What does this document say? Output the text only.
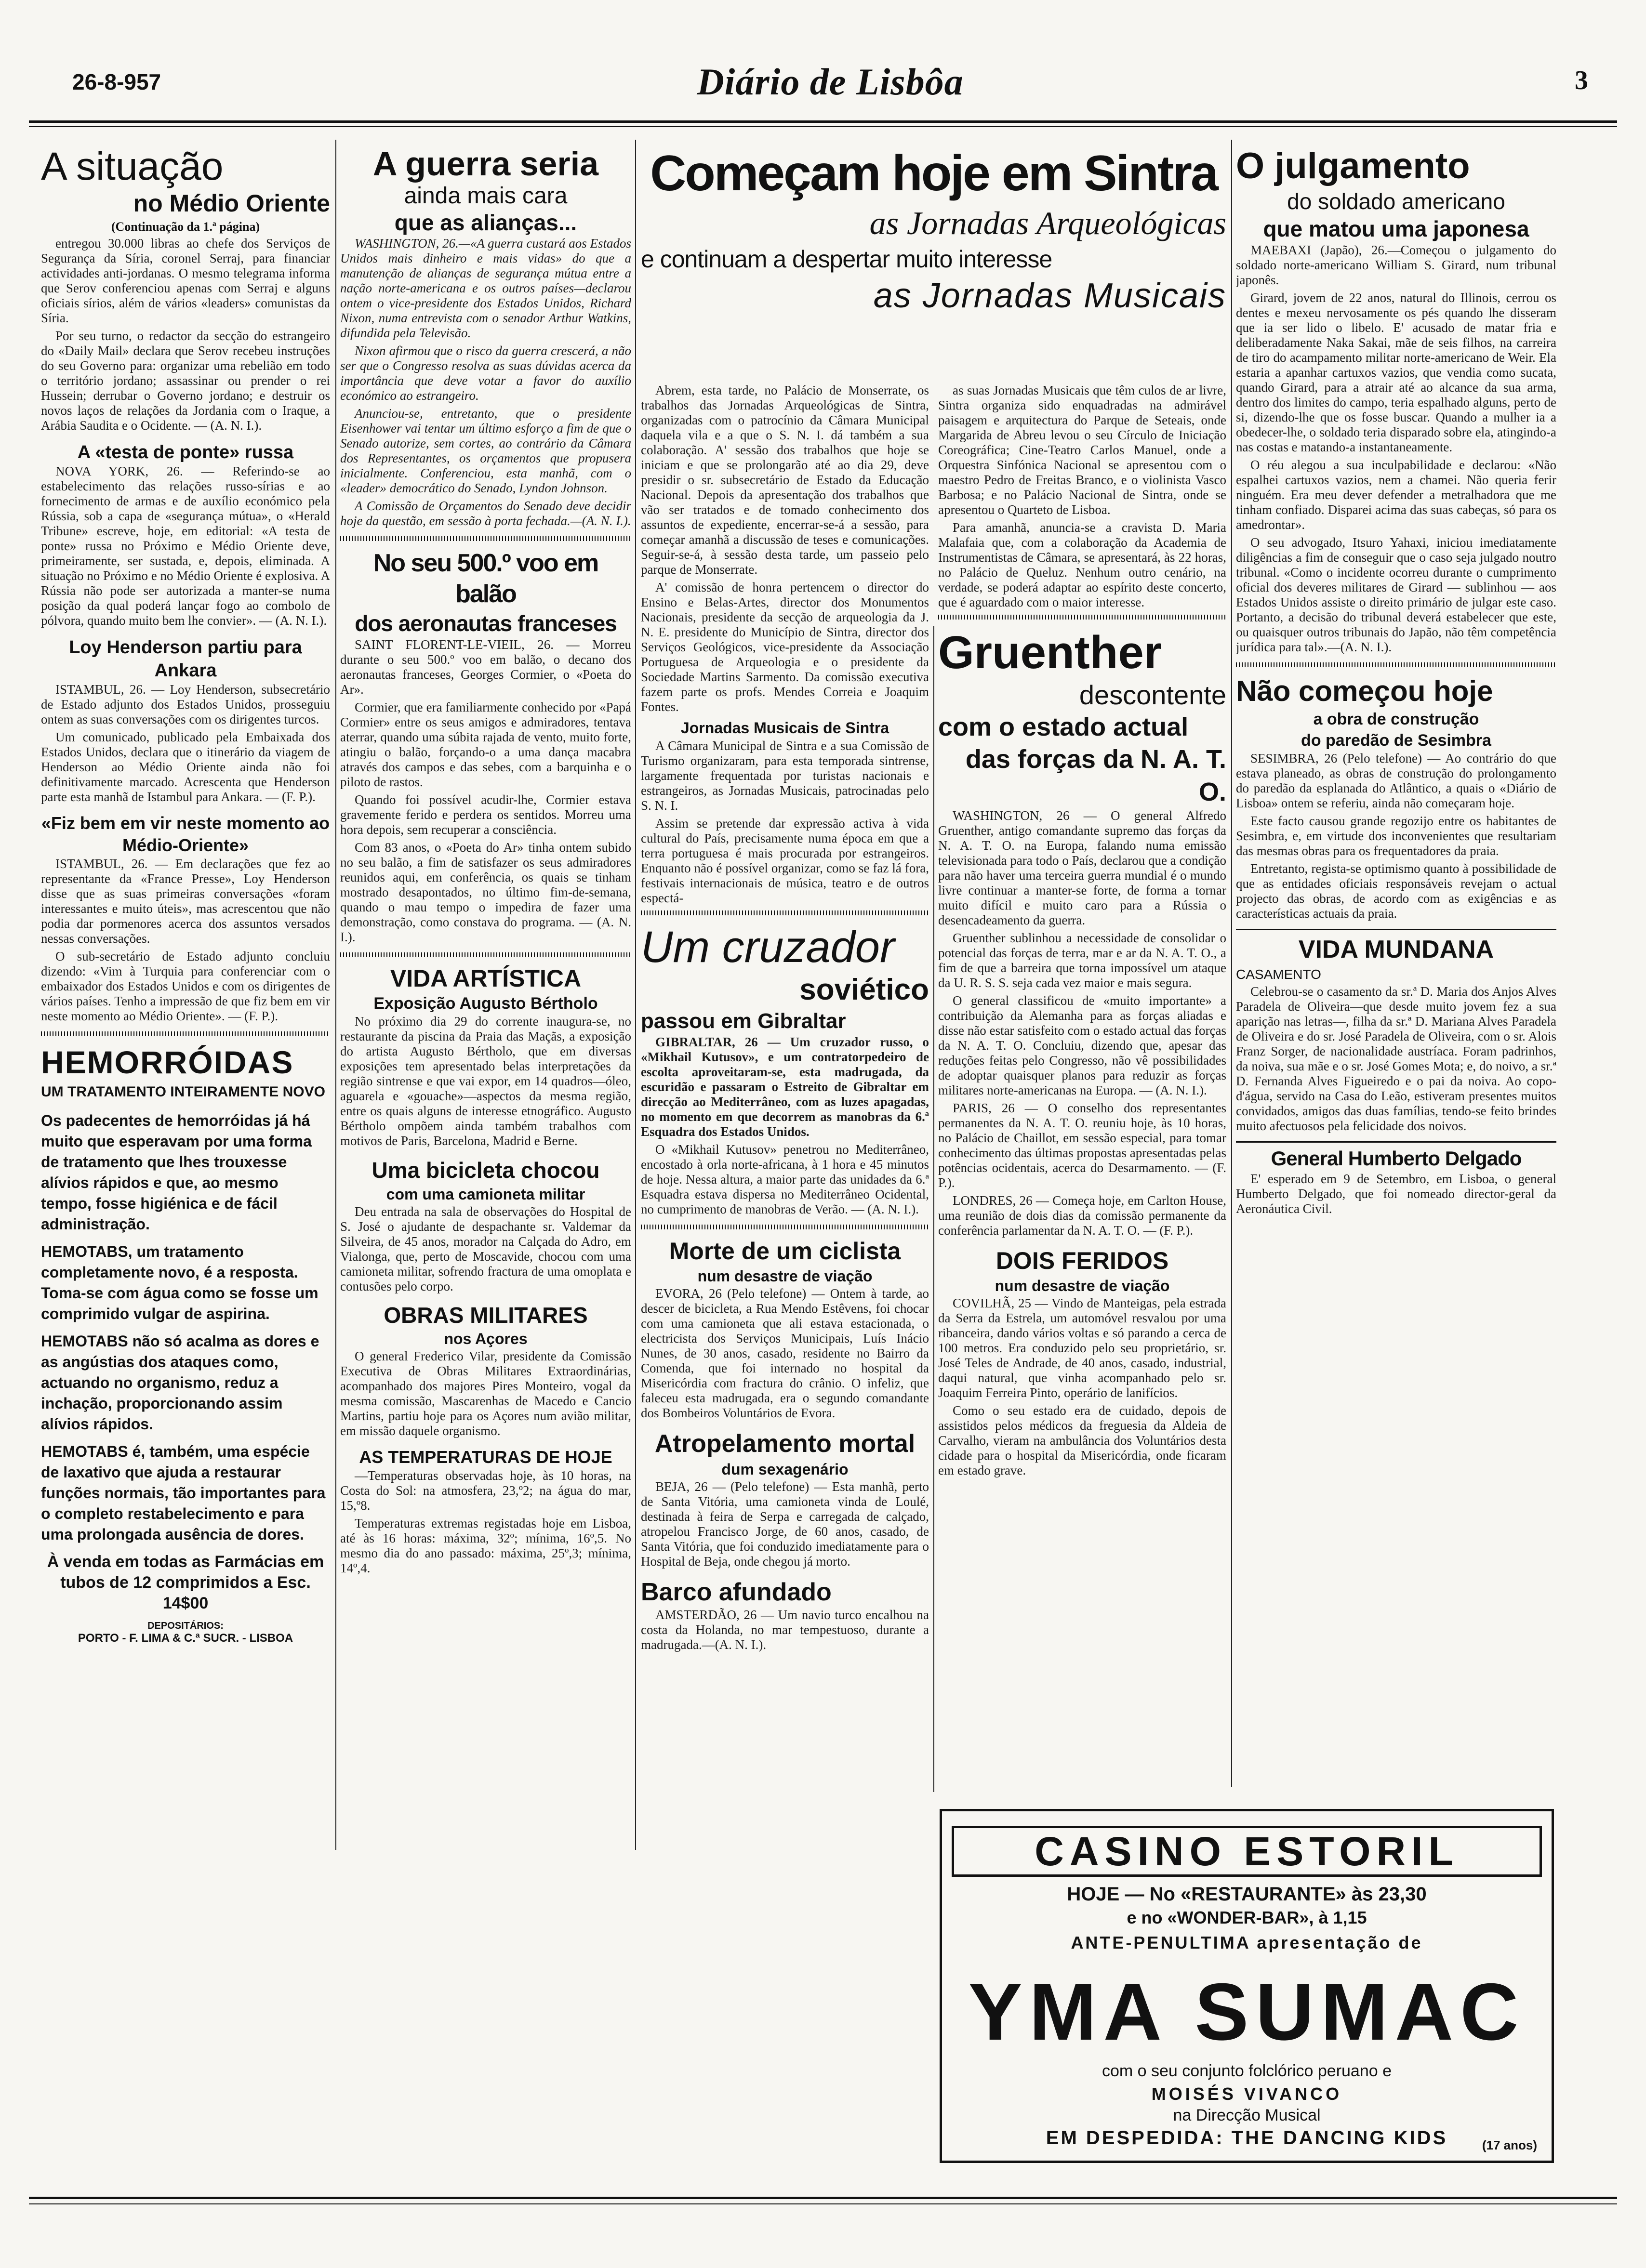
26-8-957	Diário de Lisbôa	3
A situação
no Médio Oriente
(Continuação da 1.ª página)

entregou 30.000 libras ao chefe dos Serviços de Segurança da Síria, coronel Serraj, para financiar actividades anti-jordanas. O mesmo telegrama informa que Serov conferenciou apenas com Serraj e alguns oficiais sírios, além de vários «leaders» comunistas da Síria.

Por seu turno, o redactor da secção do estrangeiro do «Daily Mail» declara que Serov recebeu instruções do seu Governo para: organizar uma rebelião em todo o território jordano; assassinar ou prender o rei Hussein; derrubar o Governo jordano; e destruir os novos laços de relações da Jordania com o Iraque, a Arábia Saudita e o Ocidente. — (A. N. I.).

A «testa de ponte» russa

NOVA YORK, 26. — Referindo-se ao estabelecimento das relações russo-sírias e ao fornecimento de armas e de auxílio económico pela Rússia, sob a capa de «segurança mútua», o «Herald Tribune» escreve, hoje, em editorial: «A testa de ponte» russa no Próximo e Médio Oriente deve, primeiramente, ser sustada, e, depois, eliminada. A situação no Próximo e no Médio Oriente é explosiva. A Rússia não pode ser autorizada a manter-se numa posição da qual poderá lançar fogo ao combolo de pólvora, quando muito bem lhe convier». — (A. N. I.).

Loy Henderson partiu para Ankara

ISTAMBUL, 26. — Loy Henderson, subsecretário de Estado adjunto dos Estados Unidos, prosseguiu ontem as suas conversações com os dirigentes turcos.

Um comunicado, publicado pela Embaixada dos Estados Unidos, declara que o itinerário da viagem de Henderson ao Médio Oriente ainda não foi definitivamente marcado. Acrescenta que Henderson parte esta manhã de Istambul para Ankara. — (F. P.).

«Fiz bem em vir neste momento ao Médio-Oriente»

ISTAMBUL, 26. — Em declarações que fez ao representante da «France Presse», Loy Henderson disse que as suas primeiras conversações «foram interessantes e muito úteis», mas acrescentou que não podia dar pormenores acerca dos assuntos versados nessas conversações.

O sub-secretário de Estado adjunto concluiu dizendo: «Vim à Turquia para conferenciar com o embaixador dos Estados Unidos e com os dirigentes de vários países. Tenho a impressão de que fiz bem em vir neste momento ao Médio Oriente». — (F. P.).

HEMORRÓIDAS
UM TRATAMENTO INTEIRAMENTE NOVO

Os padecentes de hemorróidas já há muito que esperavam por uma forma de tratamento que lhes trouxesse alívios rápidos e que, ao mesmo tempo, fosse higiénica e de fácil administração.

HEMOTABS, um tratamento completamente novo, é a resposta. Toma-se com água como se fosse um comprimido vulgar de aspirina.

HEMOTABS não só acalma as dores e as angústias dos ataques como, actuando no organismo, reduz a inchação, proporcionando assim alívios rápidos.

HEMOTABS é, também, uma espécie de laxativo que ajuda a restaurar funções normais, tão importantes para o completo restabelecimento e para uma prolongada ausência de dores.

À venda em todas as Farmácias em tubos de 12 comprimidos a Esc. 14$00

DEPOSITÁRIOS:
PORTO - F. LIMA & C.ª SUCR. - LISBOA
A guerra seria
ainda mais cara
que as alianças...

WASHINGTON, 26.—«A guerra custará aos Estados Unidos mais dinheiro e mais vidas» do que a manutenção de alianças de segurança mútua entre a nação norte-americana e os outros países—declarou ontem o vice-presidente dos Estados Unidos, Richard Nixon, numa entrevista com o senador Arthur Watkins, difundida pela Televisão.

Nixon afirmou que o risco da guerra crescerá, a não ser que o Congresso resolva as suas dúvidas acerca da importância que deve votar a favor do auxílio económico ao estrangeiro.

Anunciou-se, entretanto, que o presidente Eisenhower vai tentar um último esforço a fim de que o Senado autorize, sem cortes, ao contrário da Câmara dos Representantes, os orçamentos que propusera inicialmente. Conferenciou, esta manhã, com o «leader» democrático do Senado, Lyndon Johnson.

A Comissão de Orçamentos do Senado deve decidir hoje da questão, em sessão à porta fechada.—(A. N. I.).

No seu 500.º voo em balão
dos aeronautas franceses

SAINT FLORENT-LE-VIEIL, 26. — Morreu durante o seu 500.º voo em balão, o decano dos aeronautas franceses, Georges Cormier, o «Poeta do Ar».

Cormier, que era familiarmente conhecido por «Papá Cormier» entre os seus amigos e admiradores, tentava aterrar, quando uma súbita rajada de vento, muito forte, atingiu o balão, forçando-o a uma dança macabra através dos campos e das sebes, com a barquinha e o piloto de rastos.

Quando foi possível acudir-lhe, Cormier estava gravemente ferido e perdera os sentidos. Morreu uma hora depois, sem recuperar a consciência.

Com 83 anos, o «Poeta do Ar» tinha ontem subido no seu balão, a fim de satisfazer os seus admiradores reunidos aqui, em conferência, os quais se tinham mostrado desapontados, no último fim-de-semana, quando o mau tempo o impedira de fazer uma demonstração, como constava do programa. — (A. N. I.).

VIDA ARTÍSTICA
Exposição Augusto Bértholo

No próximo dia 29 do corrente inaugura-se, no restaurante da piscina da Praia das Maçãs, a exposição do artista Augusto Bértholo, que em diversas exposições tem apresentado belas interpretações da região sintrense e que vai expor, em 14 quadros—óleo, aguarela e «gouache»—aspectos da mesma região, entre os quais alguns de interesse etnográfico. Augusto Bértholo ompõem ainda também trabalhos com motivos de Paris, Barcelona, Madrid e Berne.

Uma bicicleta chocou
com uma camioneta militar

Deu entrada na sala de observações do Hospital de S. José o ajudante de despachante sr. Valdemar da Silveira, de 45 anos, morador na Calçada do Adro, em Vialonga, que, perto de Moscavide, chocou com uma camioneta militar, sofrendo fractura de uma omoplata e contusões pelo corpo.

OBRAS MILITARES
nos Açores

O general Frederico Vilar, presidente da Comissão Executiva de Obras Militares Extraordinárias, acompanhado dos majores Pires Monteiro, vogal da mesma comissão, Mascarenhas de Macedo e Cancio Martins, partiu hoje para os Açores num avião militar, em missão daquele organismo.

AS TEMPERATURAS DE HOJE

—Temperaturas observadas hoje, às 10 horas, na Costa do Sol: na atmosfera, 23,º2; na água do mar, 15,º8.

Temperaturas extremas registadas hoje em Lisboa, até às 16 horas: máxima, 32º; mínima, 16º,5. No mesmo dia do ano passado: máxima, 25º,3; mínima, 14º,4.

Começam hoje em Sintra
as Jornadas Arqueológicas
e continuam a despertar muito interesse
as Jornadas Musicais

Abrem, esta tarde, no Palácio de Monserrate, os trabalhos das Jornadas Arqueológicas de Sintra, organizadas com o patrocínio da Câmara Municipal daquela vila e a que o S. N. I. dá também a sua colaboração. A' sessão dos trabalhos que hoje se iniciam e que se prolongarão até ao dia 29, deve presidir o sr. subsecretário de Estado da Educação Nacional. Depois da apresentação dos trabalhos que vão ser tratados e de tomado conhecimento dos assuntos de expediente, encerrar-se-á a sessão, para começar amanhã a discussão de teses e comunicações. Seguir-se-á, à sessão desta tarde, um passeio pelo parque de Monserrate.

A' comissão de honra pertencem o director do Ensino e Belas-Artes, director dos Monumentos Nacionais, presidente da secção de arqueologia da J. N. E. presidente do Município de Sintra, director dos Serviços Geológicos, vice-presidente da Associação Portuguesa de Arqueologia e o presidente da Sociedade Martins Sarmento. Da comissão executiva fazem parte os profs. Mendes Correia e Joaquim Fontes.

Jornadas Musicais de Sintra

A Câmara Municipal de Sintra e a sua Comissão de Turismo organizaram, para esta temporada sintrense, largamente frequentada por turistas nacionais e estrangeiros, as Jornadas Musicais, patrocinadas pelo S. N. I.

Assim se pretende dar expressão activa à vida cultural do País, precisamente numa época em que a terra portuguesa é mais procurada por estrangeiros. Enquanto não é possível organizar, como se faz lá fora, festivais internacionais de música, teatro e de outros espectá-

Um cruzador
soviético
passou em Gibraltar

GIBRALTAR, 26 — Um cruzador russo, o «Mikhail Kutusov», e um contratorpedeiro de escolta aproveitaram-se, esta madrugada, da escuridão e passaram o Estreito de Gibraltar em direcção ao Mediterrâneo, com as luzes apagadas, no momento em que decorrem as manobras da 6.ª Esquadra dos Estados Unidos.

O «Mikhail Kutusov» penetrou no Mediterrâneo, encostado à orla norte-africana, à 1 hora e 45 minutos de hoje. Nessa altura, a maior parte das unidades da 6.ª Esquadra estava dispersa no Mediterrâneo Ocidental, no cumprimento de manobras de Verão. — (A. N. I.).

Morte de um ciclista
num desastre de viação

EVORA, 26 (Pelo telefone) — Ontem à tarde, ao descer de bicicleta, a Rua Mendo Estêvens, foi chocar com uma camioneta que ali estava estacionada, o electricista dos Serviços Municipais, Luís Inácio Nunes, de 30 anos, casado, residente no Bairro da Comenda, que foi internado no hospital da Misericórdia com fractura do crânio. O infeliz, que faleceu esta madrugada, era o segundo comandante dos Bombeiros Voluntários de Evora.

Atropelamento mortal
dum sexagenário

BEJA, 26 — (Pelo telefone) — Esta manhã, perto de Santa Vitória, uma camioneta vinda de Loulé, destinada à feira de Serpa e carregada de calçado, atropelou Francisco Jorge, de 60 anos, casado, de Santa Vitória, que foi conduzido imediatamente para o Hospital de Beja, onde chegou já morto.

Barco afundado

AMSTERDÃO, 26 — Um navio turco encalhou na costa da Holanda, no mar tempestuoso, durante a madrugada.—(A. N. I.).

as suas Jornadas Musicais que têm culos de ar livre, Sintra organiza sido enquadradas na admirável paisagem e arquitectura do Parque de Seteais, onde Margarida de Abreu levou o seu Círculo de Iniciação Coreográfica; Cine-Teatro Carlos Manuel, onde a Orquestra Sinfónica Nacional se apresentou com o maestro Pedro de Freitas Branco, e o violinista Vasco Barbosa; e no Palácio Nacional de Sintra, onde se apresentou o Quarteto de Lisboa.

Para amanhã, anuncia-se a cravista D. Maria Malafaia que, com a colaboração da Academia de Instrumentistas de Câmara, se apresentará, às 22 horas, no Palácio de Queluz. Nenhum outro cenário, na verdade, se poderá adaptar ao espírito deste concerto, que é aguardado com o maior interesse.

Gruenther
descontente
com o estado actual
das forças da N. A. T. O.

WASHINGTON, 26 — O general Alfredo Gruenther, antigo comandante supremo das forças da N. A. T. O. na Europa, falando numa emissão televisionada para todo o País, declarou que a condição para não haver uma terceira guerra mundial é o mundo livre continuar a manter-se forte, de forma a tornar muito difícil e muito caro para a Rússia o desencadeamento da guerra.

Gruenther sublinhou a necessidade de consolidar o potencial das forças de terra, mar e ar da N. A. T. O., a fim de que a barreira que torna impossível um ataque da U. R. S. S. seja cada vez maior e mais segura.

O general classificou de «muito importante» a contribuição da Alemanha para as forças aliadas e disse não estar satisfeito com o estado actual das forças da N. A. T. O. Concluiu, dizendo que, apesar das reduções feitas pelo Congresso, não vê possibilidades de adoptar quaisquer planos para reduzir as forças militares norte-americanas na Europa. — (A. N. I.).

PARIS, 26 — O conselho dos representantes permanentes da N. A. T. O. reuniu hoje, às 10 horas, no Palácio de Chaillot, em sessão especial, para tomar conhecimento das últimas propostas apresentadas pelas potências ocidentais, acerca do Desarmamento. — (F. P.).

LONDRES, 26 — Começa hoje, em Carlton House, uma reunião de dois dias da comissão permanente da conferência parlamentar da N. A. T. O. — (F. P.).

DOIS FERIDOS
num desastre de viação

COVILHÃ, 25 — Vindo de Manteigas, pela estrada da Serra da Estrela, um automóvel resvalou por uma ribanceira, dando vários voltas e só parando a cerca de 100 metros. Era conduzido pelo seu proprietário, sr. José Teles de Andrade, de 40 anos, casado, industrial, daqui natural, que vinha acompanhado pelo sr. Joaquim Ferreira Pinto, operário de lanifícios.

Como o seu estado era de cuidado, depois de assistidos pelos médicos da freguesia da Aldeia de Carvalho, vieram na ambulância dos Voluntários desta cidade para o hospital da Misericórdia, onde ficaram em estado grave.

O julgamento
do soldado americano
que matou uma japonesa

MAEBAXI (Japão), 26.—Começou o julgamento do soldado norte-americano William S. Girard, num tribunal japonês.

Girard, jovem de 22 anos, natural do Illinois, cerrou os dentes e mexeu nervosamente os pés quando lhe disseram que ia ser lido o libelo. E' acusado de matar fria e deliberadamente Naka Sakai, mãe de seis filhos, na carreira de tiro do acampamento militar norte-americano de Weir. Ela estaria a apanhar cartuxos vazios, que vendia como sucata, quando Girard, para a atrair até ao alcance da sua arma, dentro dos limites do campo, teria espalhado alguns, perto de si, dizendo-lhe que os fosse buscar. Quando a mulher ia a obedecer-lhe, o soldado teria disparado sobre ela, atingindo-a nas costas e matando-a instantaneamente.

O réu alegou a sua inculpabilidade e declarou: «Não espalhei cartuxos vazios, nem a chamei. Não queria ferir ninguém. Era meu dever defender a metralhadora que me tinham confiado. Disparei acima das suas cabeças, só para os amedrontar».

O seu advogado, Itsuro Yahaxi, iniciou imediatamente diligências a fim de conseguir que o caso seja julgado noutro tribunal. «Como o incidente ocorreu durante o cumprimento oficial dos deveres militares de Girard — sublinhou — aos Estados Unidos assiste o direito primário de julgar este caso. Portanto, a decisão do tribunal deverá estabelecer que este, ou quaisquer outros tribunais do Japão, não têm competência jurídica para tal».—(A. N. I.).

Não começou hoje
a obra de construção
do paredão de Sesimbra

SESIMBRA, 26 (Pelo telefone) — Ao contrário do que estava planeado, as obras de construção do prolongamento do paredão da esplanada do Atlântico, a quais o «Diário de Lisboa» ontem se referiu, ainda não começaram hoje.

Este facto causou grande regozijo entre os habitantes de Sesimbra, e, em virtude dos inconvenientes que resultariam das mesmas obras para os frequentadores da praia.

Entretanto, regista-se optimismo quanto à possibilidade de que as entidades oficiais responsáveis revejam o actual projecto das obras, de acordo com as exigências e as características actuais da praia.

VIDA MUNDANA
CASAMENTO

Celebrou-se o casamento da sr.ª D. Maria dos Anjos Alves Paradela de Oliveira—que desde muito jovem fez a sua aparição nas letras—, filha da sr.ª D. Mariana Alves Paradela de Oliveira e do sr. José Paradela de Oliveira, com o sr. Alois Franz Sorger, de nacionalidade austríaca. Foram padrinhos, da noiva, sua mãe e o sr. José Gomes Mota; e, do noivo, a sr.ª D. Fernanda Alves Figueiredo e o pai da noiva. Ao copo-d'água, servido na Casa do Leão, estiveram presentes muitos convidados, amigos das duas famílias, tendo-se feito brindes muito afectuosos pela felicidade dos noivos.

General Humberto Delgado

E' esperado em 9 de Setembro, em Lisboa, o general Humberto Delgado, que foi nomeado director-geral da Aeronáutica Civil.

CASINO ESTORIL
HOJE — No «RESTAURANTE» às 23,30
e no «WONDER-BAR», à 1,15
ANTE-PENULTIMA apresentação de
YMA SUMAC
com o seu conjunto folclórico peruano e
MOISÉS VIVANCO
na Direcção Musical
EM DESPEDIDA: THE DANCING KIDS	(17 anos)
